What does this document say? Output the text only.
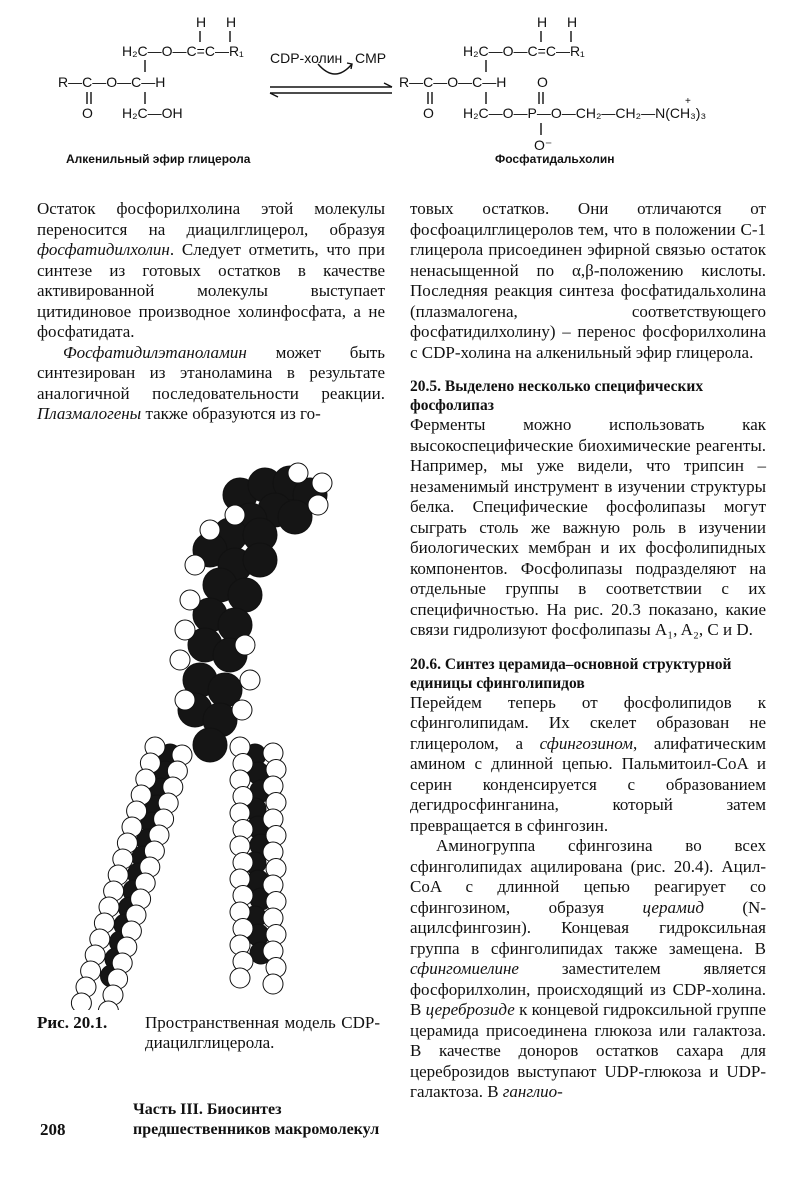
H H
H₂C—O—C=C—R₁
R—C—O—C—H
O H₂C—OH
CDP-холин CMP
H H
H₂C—O—C=C—R₁
R—C—O—C—H O
O H₂C—O—P—O—CH₂—CH₂—N(CH₃)₃
+
O⁻
Алкенильный эфир глицерола	Фосфатидальхолин

Остаток фосфорилхолина этой молекулы переносится на диацилглицерол, образуя фосфатидилхолин. Следует отметить, что при синтезе из готовых остатков в качестве активированной молекулы выступает цитидиновое производное холинфосфата, а не фосфатидата.

Фосфатидилэтаноламин может быть синтезирован из этаноламина в результате аналогичной последовательности реакции. Плазмалогены также образуются из го-

Рис. 20.1. Пространственная модель CDP-диацилглицерола.

товых остатков. Они отличаются от фосфоацилглицеролов тем, что в положении С-1 глицерола присоединен эфирной связью остаток ненасыщенной по α,β-положению кислоты. Последняя реакция синтеза фосфатидальхолина (плазмалогена, соответствующего фосфатидилхолину) – перенос фосфорилхолина с CDP-холина на алкенильный эфир глицерола.

20.5. Выделено несколько специфических фосфолипаз

Ферменты можно использовать как высокоспецифические биохимические реагенты. Например, мы уже видели, что трипсин – незаменимый инструмент в изучении структуры белка. Специфические фосфолипазы могут сыграть столь же важную роль в изучении биологических мембран и их фосфолипидных компонентов. Фосфолипазы подразделяют на отдельные группы в соответствии с их специфичностью. На рис. 20.3 показано, какие связи гидролизуют фосфолипазы A₁, A₂, C и D.

20.6. Синтез церамида–основной структурной единицы сфинголипидов

Перейдем теперь от фосфолипидов к сфинголипидам. Их скелет образован не глицеролом, а сфингозином, алифатическим амином с длинной цепью. Пальмитоил-CoA и серин конденсируется с образованием дегидросфинганина, который затем превращается в сфингозин.

Аминогруппа сфингозина во всех сфинголипидах ацилирована (рис. 20.4). Ацил-CoA с длинной цепью реагирует со сфингозином, образуя церамид (N-ацилсфингозин). Концевая гидроксильная группа в сфинголипидах также замещена. В сфингомиелине заместителем является фосфорилхолин, происходящий из CDP-холина. В цереброзиде к концевой гидроксильной группе церамида присоединена глюкоза или галактоза. В качестве доноров остатков сахара для цереброзидов выступают UDP-глюкоза и UDP-галактоза. В ганглио-

208
Часть III. Биосинтез
предшественников макромолекул
